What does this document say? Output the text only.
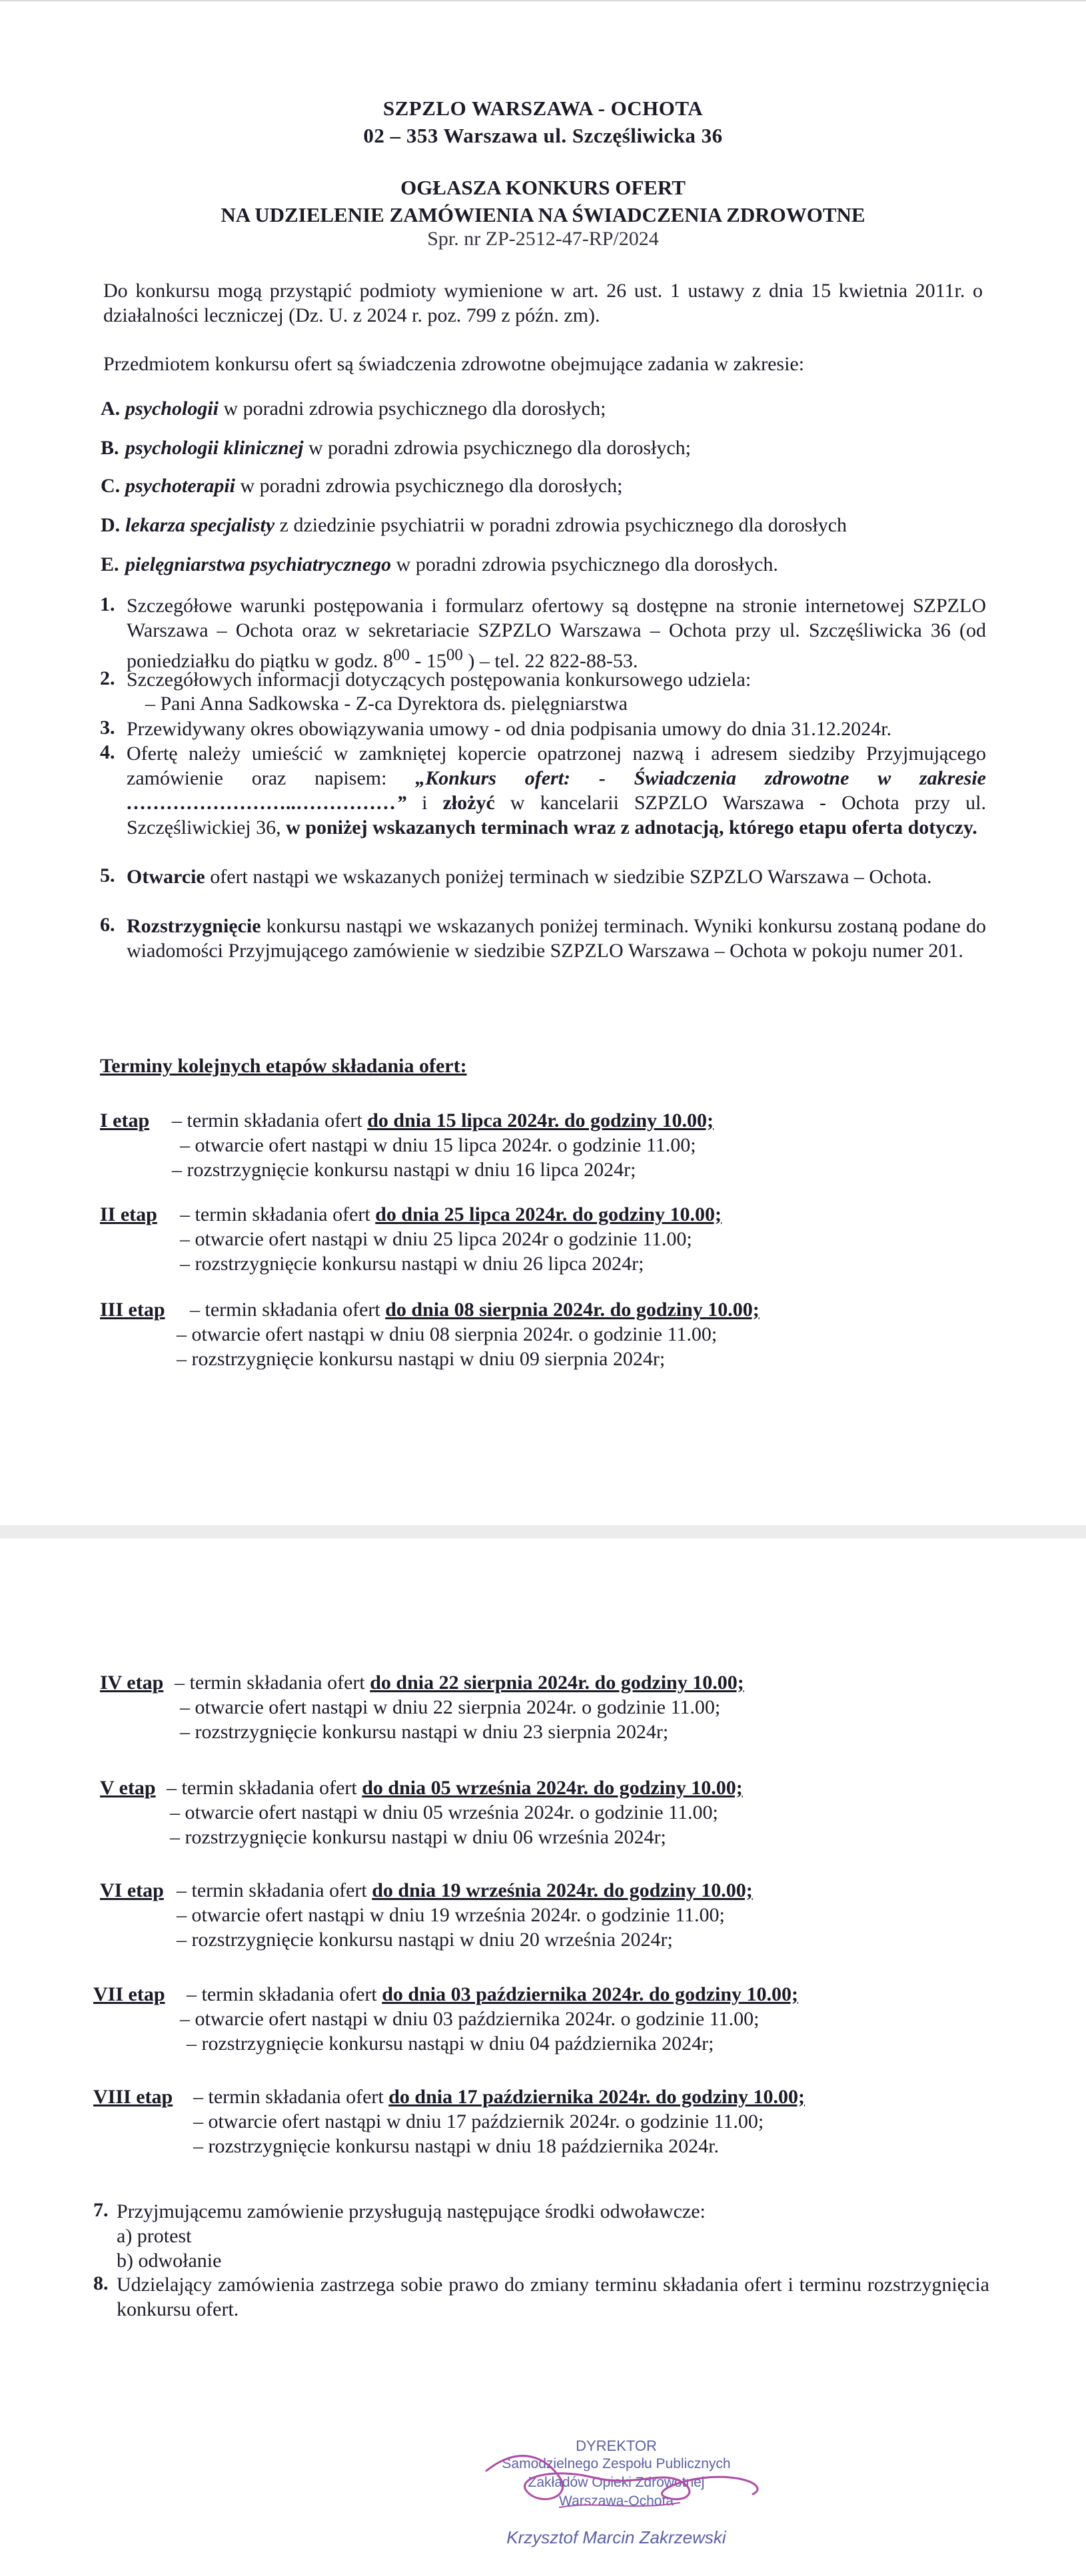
SZPZLO WARSZAWA - OCHOTA
02 – 353 Warszawa ul. Szczęśliwicka 36
OGŁASZA KONKURS OFERT
NA UDZIELENIE ZAMÓWIENIA NA ŚWIADCZENIA ZDROWOTNE
Spr. nr ZP-2512-47-RP/2024
Do konkursu mogą przystąpić podmioty wymienione w art. 26 ust. 1 ustawy z dnia 15 kwietnia 2011r. o działalności leczniczej (Dz. U. z 2024 r. poz. 799 z późn. zm).
Przedmiotem konkursu ofert są świadczenia zdrowotne obejmujące zadania w zakresie:
A. psychologii w poradni zdrowia psychicznego dla dorosłych;
B. psychologii klinicznej w poradni zdrowia psychicznego dla dorosłych;
C. psychoterapii w poradni zdrowia psychicznego dla dorosłych;
D. lekarza specjalisty z dziedzinie psychiatrii w poradni zdrowia psychicznego dla dorosłych
E. pielęgniarstwa psychiatrycznego w poradni zdrowia psychicznego dla dorosłych.
1. Szczegółowe warunki postępowania i formularz ofertowy są dostępne na stronie internetowej SZPZLO Warszawa – Ochota oraz w sekretariacie SZPZLO Warszawa – Ochota przy ul. Szczęśliwicka 36 (od poniedziałku do piątku w godz. $8^{00} - 15^{00}$ ) – tel. 22 822-88-53.
2. Szczegółowych informacji dotyczących postępowania konkursowego udziela:
– Pani Anna Sadkowska - Z-ca Dyrektora ds. pielęgniarstwa
3. Przewidywany okres obowiązywania umowy - od dnia podpisania umowy do dnia 31.12.2024r.
4. Ofertę należy umieścić w zamkniętej kopercie opatrzonej nazwą i adresem siedziby Przyjmującego zamówienie oraz napisem: „Konkurs ofert: - Świadczenia zdrowotne w zakresie ……………………..……………” i złożyć w kancelarii SZPZLO Warszawa - Ochota przy ul. Szczęśliwickiej 36, w poniżej wskazanych terminach wraz z adnotacją, którego etapu oferta dotyczy.
5. Otwarcie ofert nastąpi we wskazanych poniżej terminach w siedzibie SZPZLO Warszawa – Ochota.
6. Rozstrzygnięcie konkursu nastąpi we wskazanych poniżej terminach. Wyniki konkursu zostaną podane do wiadomości Przyjmującego zamówienie w siedzibie SZPZLO Warszawa – Ochota w pokoju numer 201.
Terminy kolejnych etapów składania ofert:
I etap – termin składania ofert do dnia 15 lipca 2024r. do godziny 10.00;
– otwarcie ofert nastąpi w dniu 15 lipca 2024r. o godzinie 11.00;
– rozstrzygnięcie konkursu nastąpi w dniu 16 lipca 2024r;
II etap – termin składania ofert do dnia 25 lipca 2024r. do godziny 10.00;
– otwarcie ofert nastąpi w dniu 25 lipca 2024r o godzinie 11.00;
– rozstrzygnięcie konkursu nastąpi w dniu 26 lipca 2024r;
III etap – termin składania ofert do dnia 08 sierpnia 2024r. do godziny 10.00;
– otwarcie ofert nastąpi w dniu 08 sierpnia 2024r. o godzinie 11.00;
– rozstrzygnięcie konkursu nastąpi w dniu 09 sierpnia 2024r;
IV etap – termin składania ofert do dnia 22 sierpnia 2024r. do godziny 10.00;
– otwarcie ofert nastąpi w dniu 22 sierpnia 2024r. o godzinie 11.00;
– rozstrzygnięcie konkursu nastąpi w dniu 23 sierpnia 2024r;
V etap – termin składania ofert do dnia 05 września 2024r. do godziny 10.00;
– otwarcie ofert nastąpi w dniu 05 września 2024r. o godzinie 11.00;
– rozstrzygnięcie konkursu nastąpi w dniu 06 września 2024r;
VI etap – termin składania ofert do dnia 19 września 2024r. do godziny 10.00;
– otwarcie ofert nastąpi w dniu 19 września 2024r. o godzinie 11.00;
– rozstrzygnięcie konkursu nastąpi w dniu 20 września 2024r;
VII etap – termin składania ofert do dnia 03 października 2024r. do godziny 10.00;
– otwarcie ofert nastąpi w dniu 03 października 2024r. o godzinie 11.00;
– rozstrzygnięcie konkursu nastąpi w dniu 04 października 2024r;
VIII etap – termin składania ofert do dnia 17 października 2024r. do godziny 10.00;
– otwarcie ofert nastąpi w dniu 17 październik 2024r. o godzinie 11.00;
– rozstrzygnięcie konkursu nastąpi w dniu 18 października 2024r.
7. Przyjmującemu zamówienie przysługują następujące środki odwoławcze:
a) protest
b) odwołanie
8. Udzielający zamówienia zastrzega sobie prawo do zmiany terminu składania ofert i terminu rozstrzygnięcia konkursu ofert.
DYREKTOR
Samodzielnego Zespołu Publicznych
Zakładów Opieki Zdrowotnej
Warszawa-Ochota
Krzysztof Marcin Zakrzewski
